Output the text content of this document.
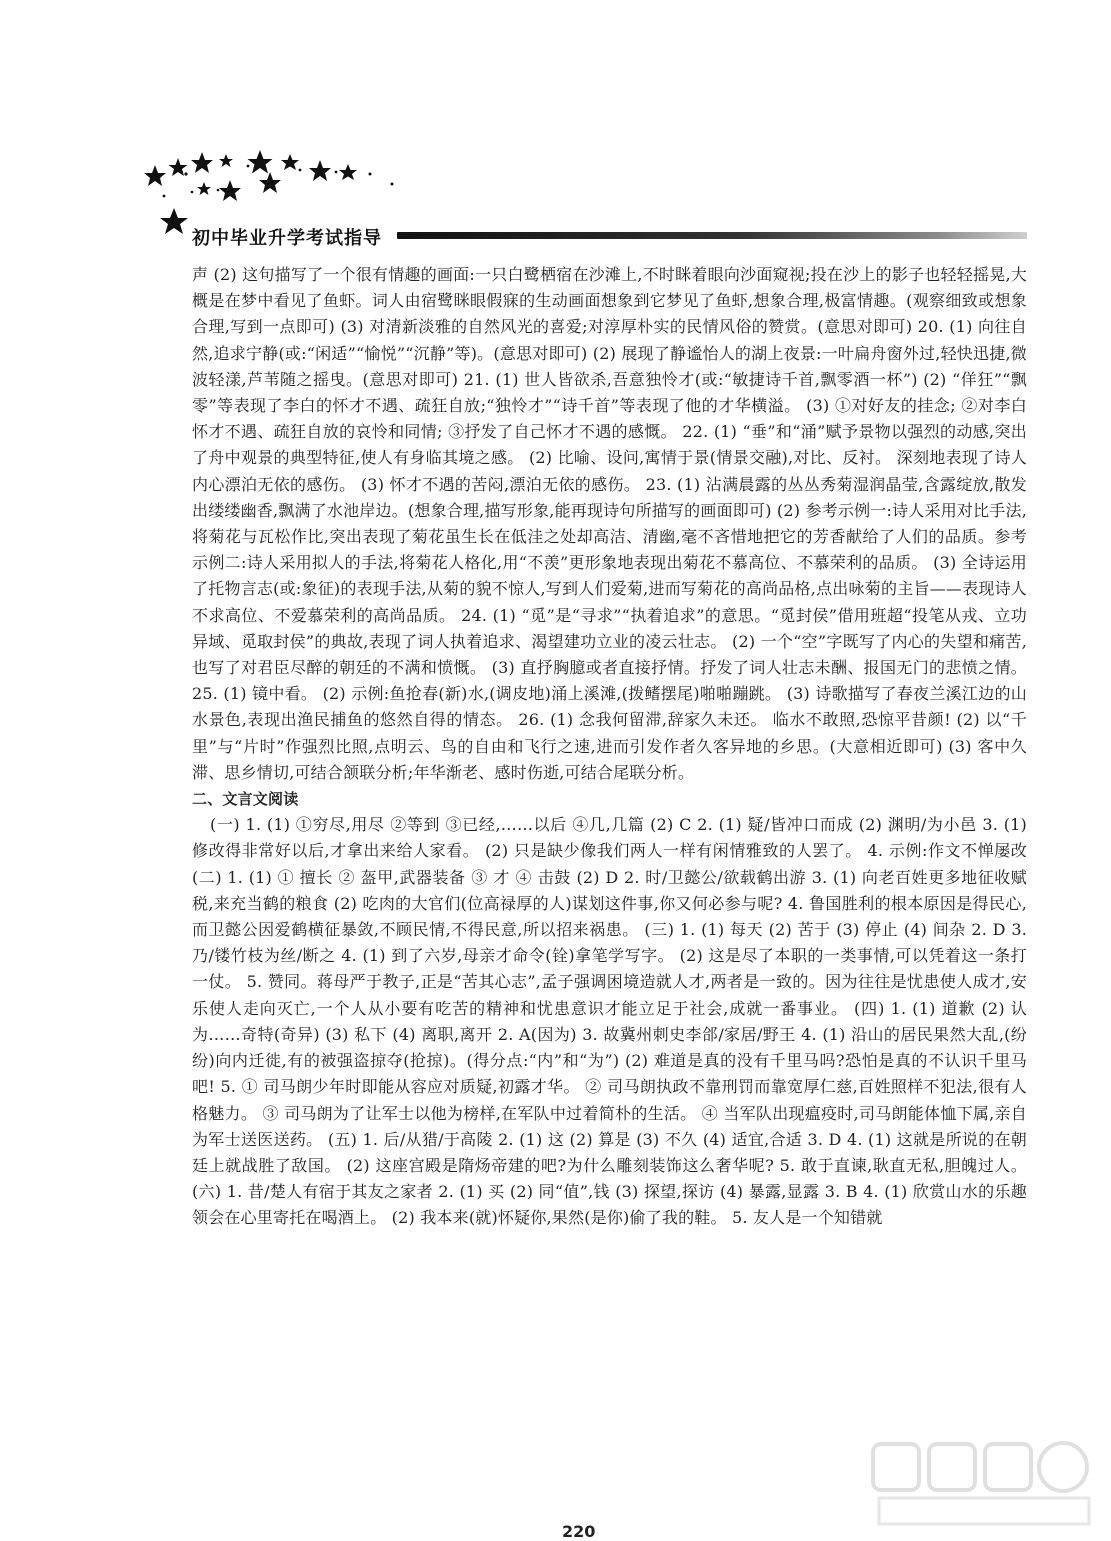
初中毕业升学考试指导

声 (2) 这句描写了一个很有情趣的画面:一只白鹭栖宿在沙滩上,不时眯着眼向沙面窥视;投在沙上的影子也轻轻摇晃,大概是在梦中看见了鱼虾。词人由宿鹭眯眼假寐的生动画面想象到它梦见了鱼虾,想象合理,极富情趣。(观察细致或想象合理,写到一点即可) (3) 对清新淡雅的自然风光的喜爱;对淳厚朴实的民情风俗的赞赏。(意思对即可) 20. (1) 向往自然,追求宁静(或:“闲适”“愉悦”“沉静”等)。(意思对即可) (2) 展现了静谧怡人的湖上夜景:一叶扁舟窗外过,轻快迅捷,微波轻漾,芦苇随之摇曳。(意思对即可) 21. (1) 世人皆欲杀,吾意独怜才(或:“敏捷诗千首,飘零酒一杯”) (2) “佯狂”“飘零”等表现了李白的怀才不遇、疏狂自放;“独怜才”“诗千首”等表现了他的才华横溢。 (3) ①对好友的挂念; ②对李白怀才不遇、疏狂自放的哀怜和同情; ③抒发了自己怀才不遇的感慨。 22. (1) “垂”和“涌”赋予景物以强烈的动感,突出了舟中观景的典型特征,使人有身临其境之感。 (2) 比喻、设问,寓情于景(情景交融),对比、反衬。 深刻地表现了诗人内心漂泊无依的感伤。 (3) 怀才不遇的苦闷,漂泊无依的感伤。 23. (1) 沾满晨露的丛丛秀菊湿润晶莹,含露绽放,散发出缕缕幽香,飘满了水池岸边。(想象合理,描写形象,能再现诗句所描写的画面即可) (2) 参考示例一:诗人采用对比手法,将菊花与瓦松作比,突出表现了菊花虽生长在低洼之处却高洁、清幽,毫不吝惜地把它的芳香献给了人们的品质。参考示例二:诗人采用拟人的手法,将菊花人格化,用“不羡”更形象地表现出菊花不慕高位、不慕荣利的品质。 (3) 全诗运用了托物言志(或:象征)的表现手法,从菊的貌不惊人,写到人们爱菊,进而写菊花的高尚品格,点出咏菊的主旨——表现诗人不求高位、不爱慕荣利的高尚品质。 24. (1) “觅”是“寻求”“执着追求”的意思。“觅封侯”借用班超“投笔从戎、立功异域、觅取封侯”的典故,表现了词人执着追求、渴望建功立业的凌云壮志。 (2) 一个“空”字既写了内心的失望和痛苦,也写了对君臣尽醉的朝廷的不满和愤慨。 (3) 直抒胸臆或者直接抒情。抒发了词人壮志未酬、报国无门的悲愤之情。 25. (1) 镜中看。 (2) 示例:鱼抢春(新)水,(调皮地)涌上溪滩,(拨鳍摆尾)啪啪蹦跳。 (3) 诗歌描写了春夜兰溪江边的山水景色,表现出渔民捕鱼的悠然自得的情态。 26. (1) 念我何留滞,辞家久未还。 临水不敢照,恐惊平昔颜! (2) 以“千里”与“片时”作强烈比照,点明云、鸟的自由和飞行之速,进而引发作者久客异地的乡思。(大意相近即可) (3) 客中久滞、思乡情切,可结合颔联分析;年华渐老、感时伤逝,可结合尾联分析。

二、文言文阅读

(一) 1. (1) ①穷尽,用尽 ②等到 ③已经,……以后 ④几,几篇 (2) C 2. (1) 疑/皆冲口而成 (2) 渊明/为小邑 3. (1) 修改得非常好以后,才拿出来给人家看。 (2) 只是缺少像我们两人一样有闲情雅致的人罢了。 4. 示例:作文不惮屡改 (二) 1. (1) ① 擅长 ② 盔甲,武器装备 ③ 才 ④ 击鼓 (2) D 2. 时/卫懿公/欲载鹤出游 3. (1) 向老百姓更多地征收赋税,来充当鹤的粮食 (2) 吃肉的大官们(位高禄厚的人)谋划这件事,你又何必参与呢? 4. 鲁国胜利的根本原因是得民心,而卫懿公因爱鹤横征暴敛,不顾民情,不得民意,所以招来祸患。 (三) 1. (1) 每天 (2) 苦于 (3) 停止 (4) 间杂 2. D 3. 乃/镂竹枝为丝/断之 4. (1) 到了六岁,母亲才命令(铨)拿笔学写字。 (2) 这是尽了本职的一类事情,可以凭着这一条打一仗。 5. 赞同。蒋母严于教子,正是“苦其心志”,孟子强调困境造就人才,两者是一致的。因为往往是忧患使人成才,安乐使人走向灭亡,一个人从小要有吃苦的精神和忧患意识才能立足于社会,成就一番事业。 (四) 1. (1) 道歉 (2) 认为……奇特(奇异) (3) 私下 (4) 离职,离开 2. A(因为) 3. 故冀州刺史李郃/家居/野王 4. (1) 沿山的居民果然大乱,(纷纷)向内迁徙,有的被强盗掠夺(抢掠)。(得分点:“内”和“为”) (2) 难道是真的没有千里马吗?恐怕是真的不认识千里马吧! 5. ① 司马朗少年时即能从容应对质疑,初露才华。 ② 司马朗执政不靠刑罚而靠宽厚仁慈,百姓照样不犯法,很有人格魅力。 ③ 司马朗为了让军士以他为榜样,在军队中过着简朴的生活。 ④ 当军队出现瘟疫时,司马朗能体恤下属,亲自为军士送医送药。 (五) 1. 后/从猎/于高陵 2. (1) 这 (2) 算是 (3) 不久 (4) 适宜,合适 3. D 4. (1) 这就是所说的在朝廷上就战胜了敌国。 (2) 这座宫殿是隋炀帝建的吧?为什么雕刻装饰这么奢华呢? 5. 敢于直谏,耿直无私,胆魄过人。 (六) 1. 昔/楚人有宿于其友之家者 2. (1) 买 (2) 同“值”,钱 (3) 探望,探访 (4) 暴露,显露 3. B 4. (1) 欣赏山水的乐趣领会在心里寄托在喝酒上。 (2) 我本来(就)怀疑你,果然(是你)偷了我的鞋。 5. 友人是一个知错就

220
